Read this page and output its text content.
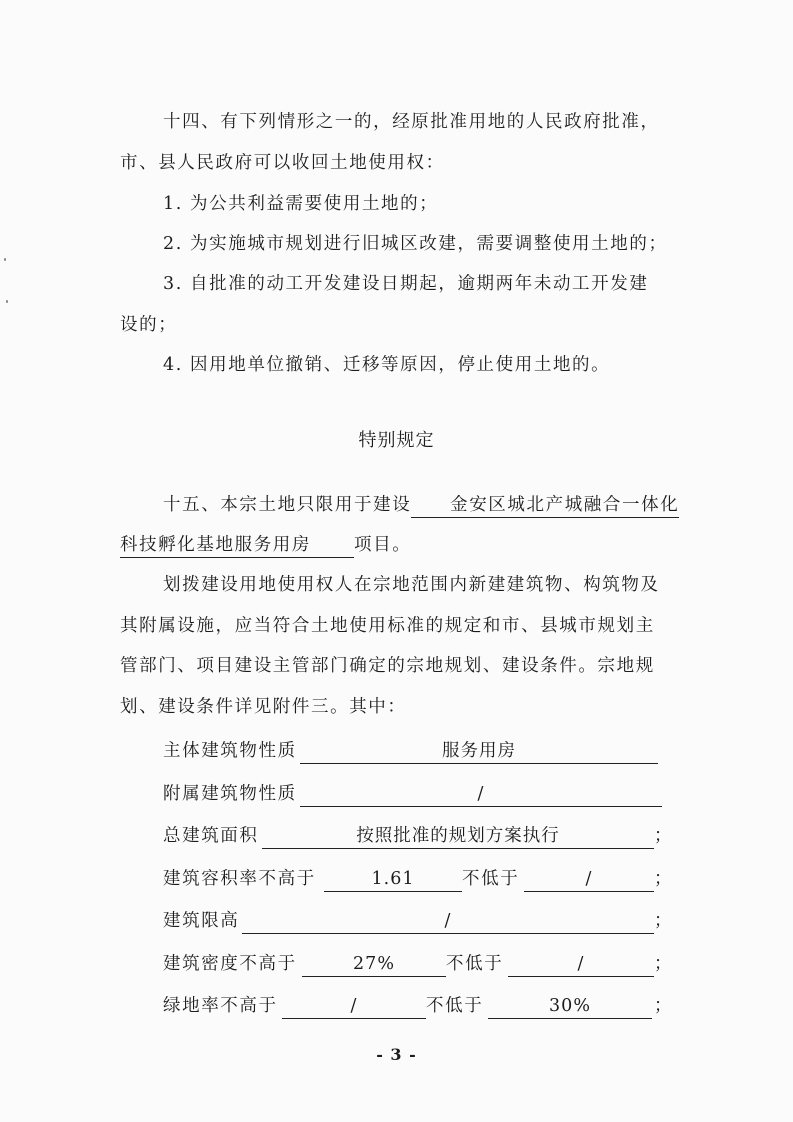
十四、有下列情形之一的，经原批准用地的人民政府批准，
市、县人民政府可以收回土地使用权：
1. 为公共利益需要使用土地的；
2. 为实施城市规划进行旧城区改建，需要调整使用土地的；
3. 自批准的动工开发建设日期起，逾期两年未动工开发建
设的；
4. 因用地单位撤销、迁移等原因，停止使用土地的。
特别规定
十五、本宗土地只限用于建设 金安区城北产城融合一体化
科技孵化基地服务用房 项目。
划拨建设用地使用权人在宗地范围内新建建筑物、构筑物及
其附属设施，应当符合土地使用标准的规定和市、县城市规划主
管部门、项目建设主管部门确定的宗地规划、建设条件。宗地规
划、建设条件详见附件三。其中：
主体建筑物性质	服务用房
附属建筑物性质	/
总建筑面积	按照批准的规划方案执行	；
建筑容积率不高于	1.61	不低于	/	；
建筑限高	/	；
建筑密度不高于	27%	不低于	/	；
绿地率不高于	/	不低于	30%	；
- 3 -
